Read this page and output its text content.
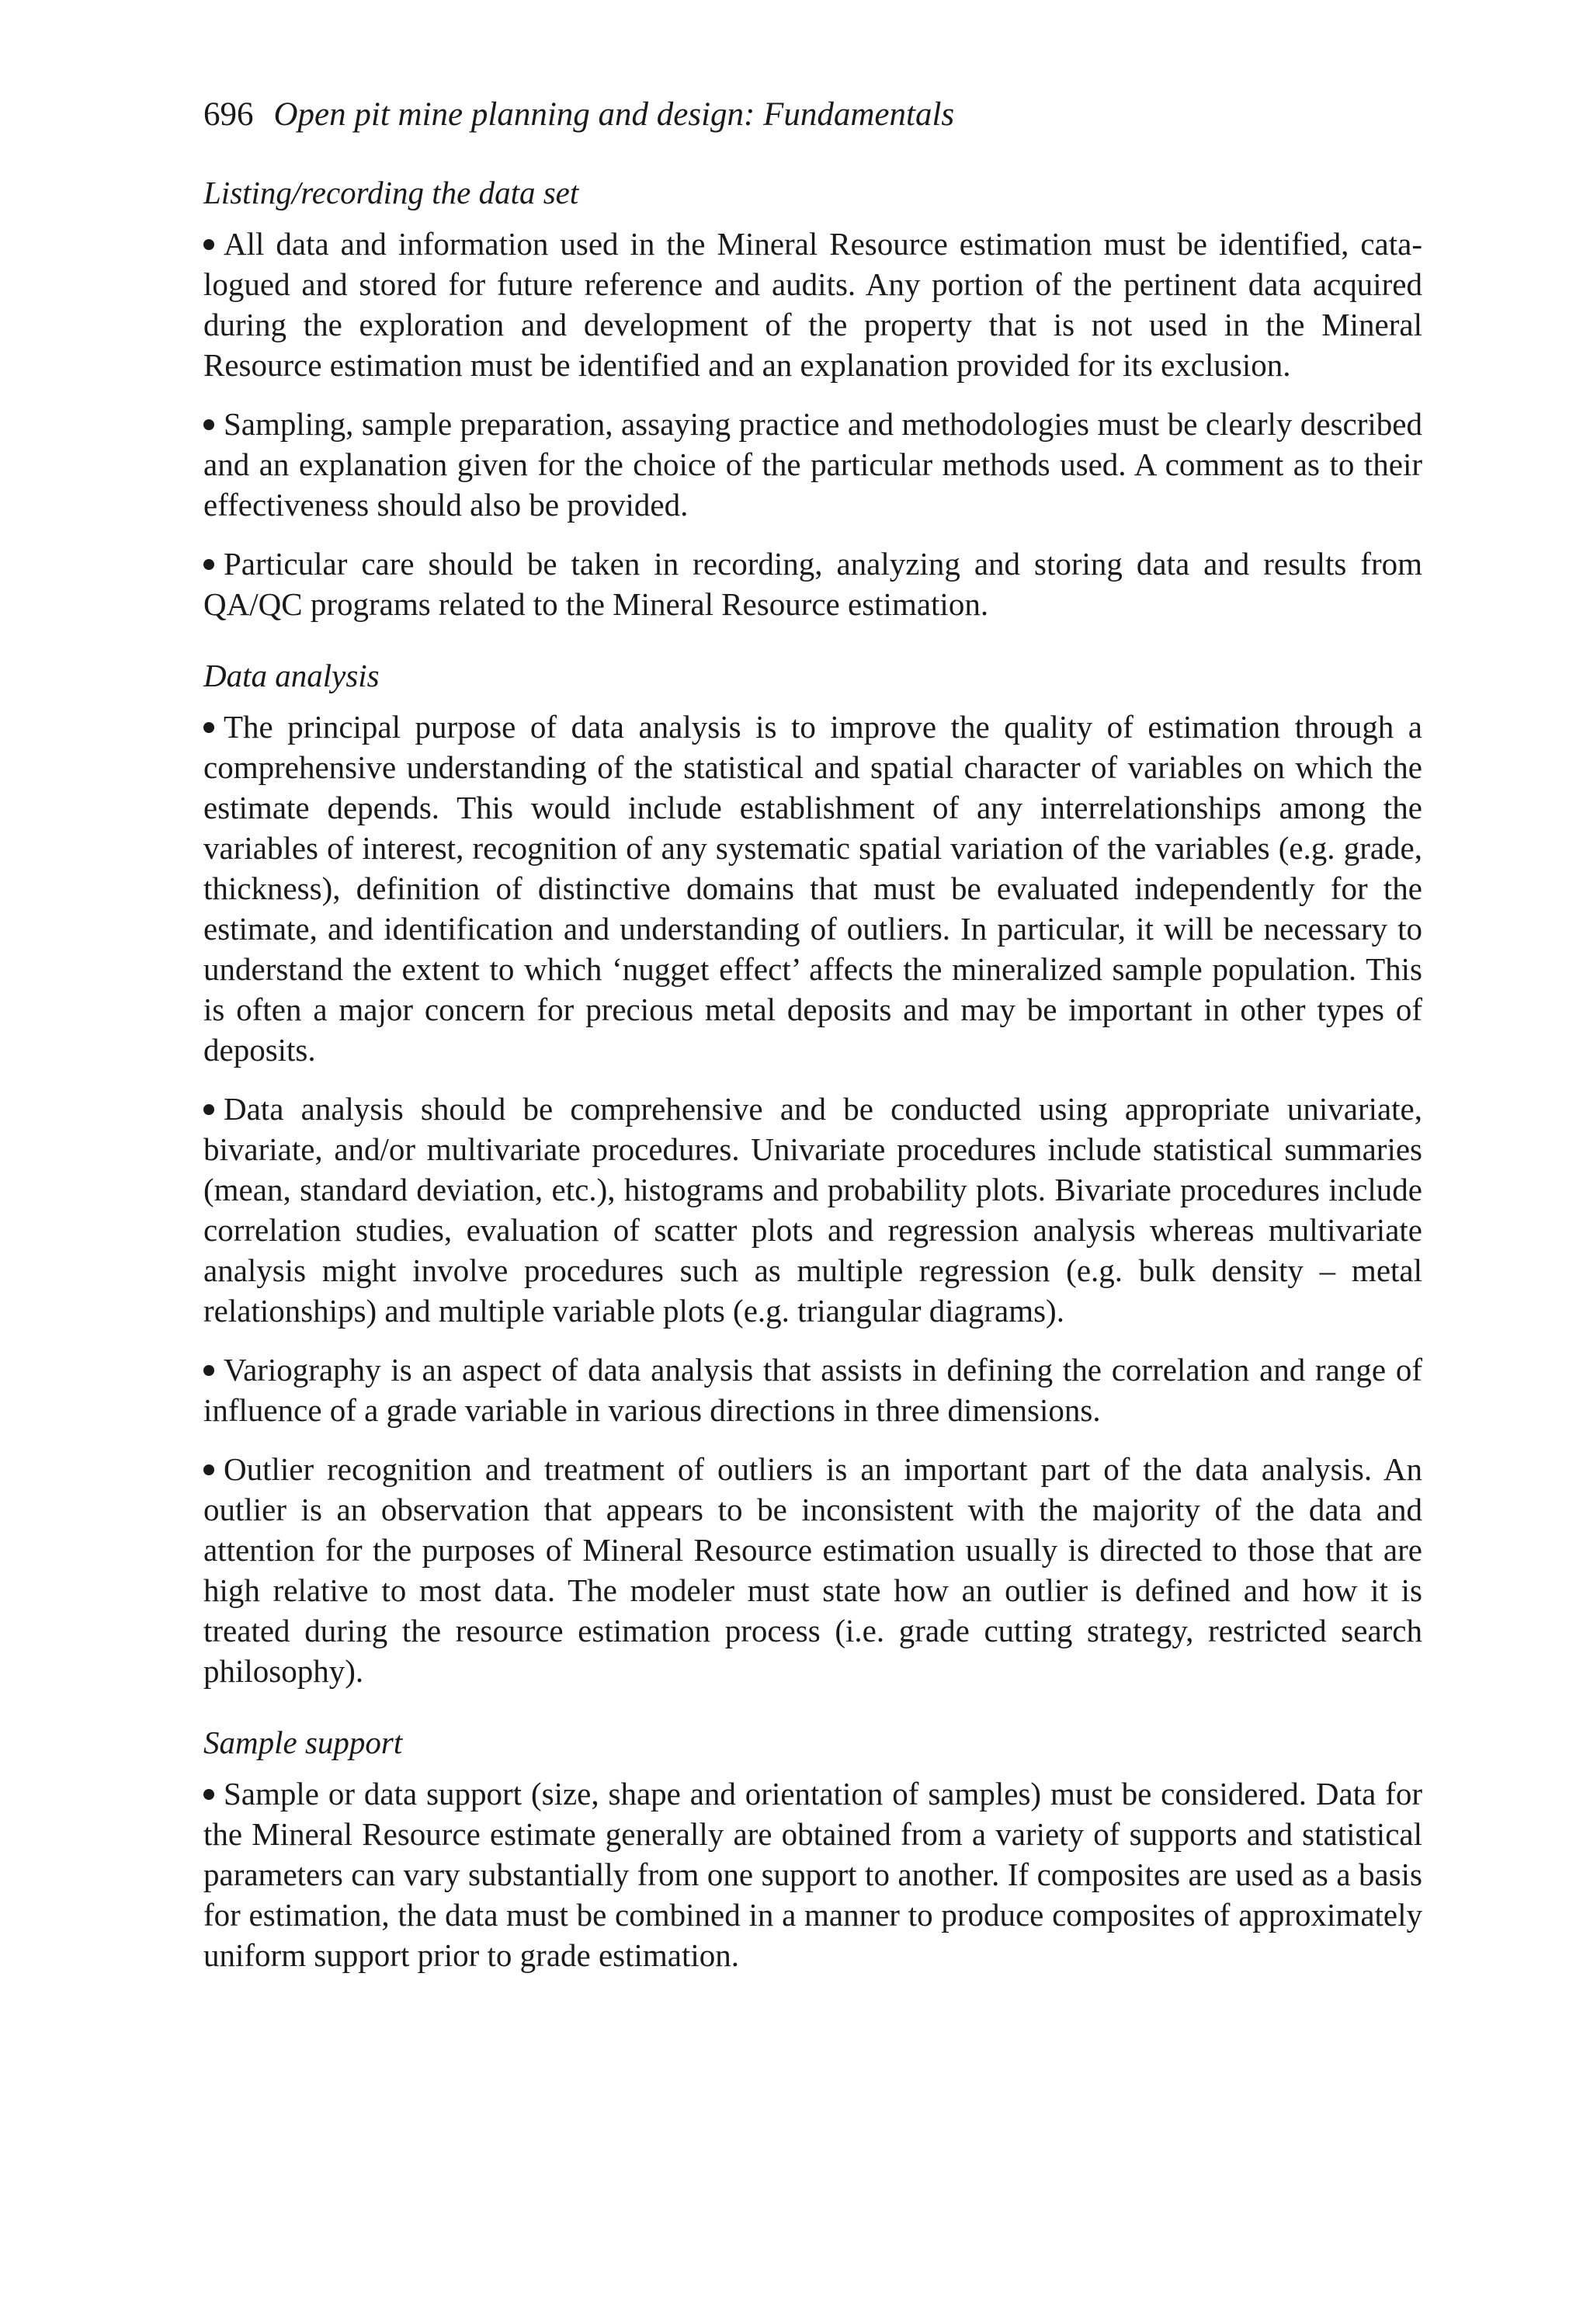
696 Open pit mine planning and design: Fundamentals
Listing/recording the data set

All data and information used in the Mineral Resource estimation must be identified, catalogued and stored for future reference and audits. Any portion of the pertinent data acquired during the exploration and development of the property that is not used in the Mineral Resource estimation must be identified and an explanation provided for its exclusion.

Sampling, sample preparation, assaying practice and methodologies must be clearly described and an explanation given for the choice of the particular methods used. A comment as to their effectiveness should also be provided.

Particular care should be taken in recording, analyzing and storing data and results from QA/QC programs related to the Mineral Resource estimation.

Data analysis

The principal purpose of data analysis is to improve the quality of estimation through a comprehensive understanding of the statistical and spatial character of variables on which the estimate depends. This would include establishment of any interrelationships among the variables of interest, recognition of any systematic spatial variation of the variables (e.g. grade, thickness), definition of distinctive domains that must be evaluated independently for the estimate, and identification and understanding of outliers. In particular, it will be necessary to understand the extent to which ‘nugget effect’ affects the mineralized sample population. This is often a major concern for precious metal deposits and may be important in other types of deposits.

Data analysis should be comprehensive and be conducted using appropriate univariate, bivariate, and/or multivariate procedures. Univariate procedures include statistical summaries (mean, standard deviation, etc.), histograms and probability plots. Bivariate procedures include correlation studies, evaluation of scatter plots and regression analysis whereas multivariate analysis might involve procedures such as multiple regression (e.g. bulk density – metal relationships) and multiple variable plots (e.g. triangular diagrams).

Variography is an aspect of data analysis that assists in defining the correlation and range of influence of a grade variable in various directions in three dimensions.

Outlier recognition and treatment of outliers is an important part of the data analysis. An outlier is an observation that appears to be inconsistent with the majority of the data and attention for the purposes of Mineral Resource estimation usually is directed to those that are high relative to most data. The modeler must state how an outlier is defined and how it is treated during the resource estimation process (i.e. grade cutting strategy, restricted search philosophy).

Sample support

Sample or data support (size, shape and orientation of samples) must be considered. Data for the Mineral Resource estimate generally are obtained from a variety of supports and statistical parameters can vary substantially from one support to another. If composites are used as a basis for estimation, the data must be combined in a manner to produce composites of approximately uniform support prior to grade estimation.
